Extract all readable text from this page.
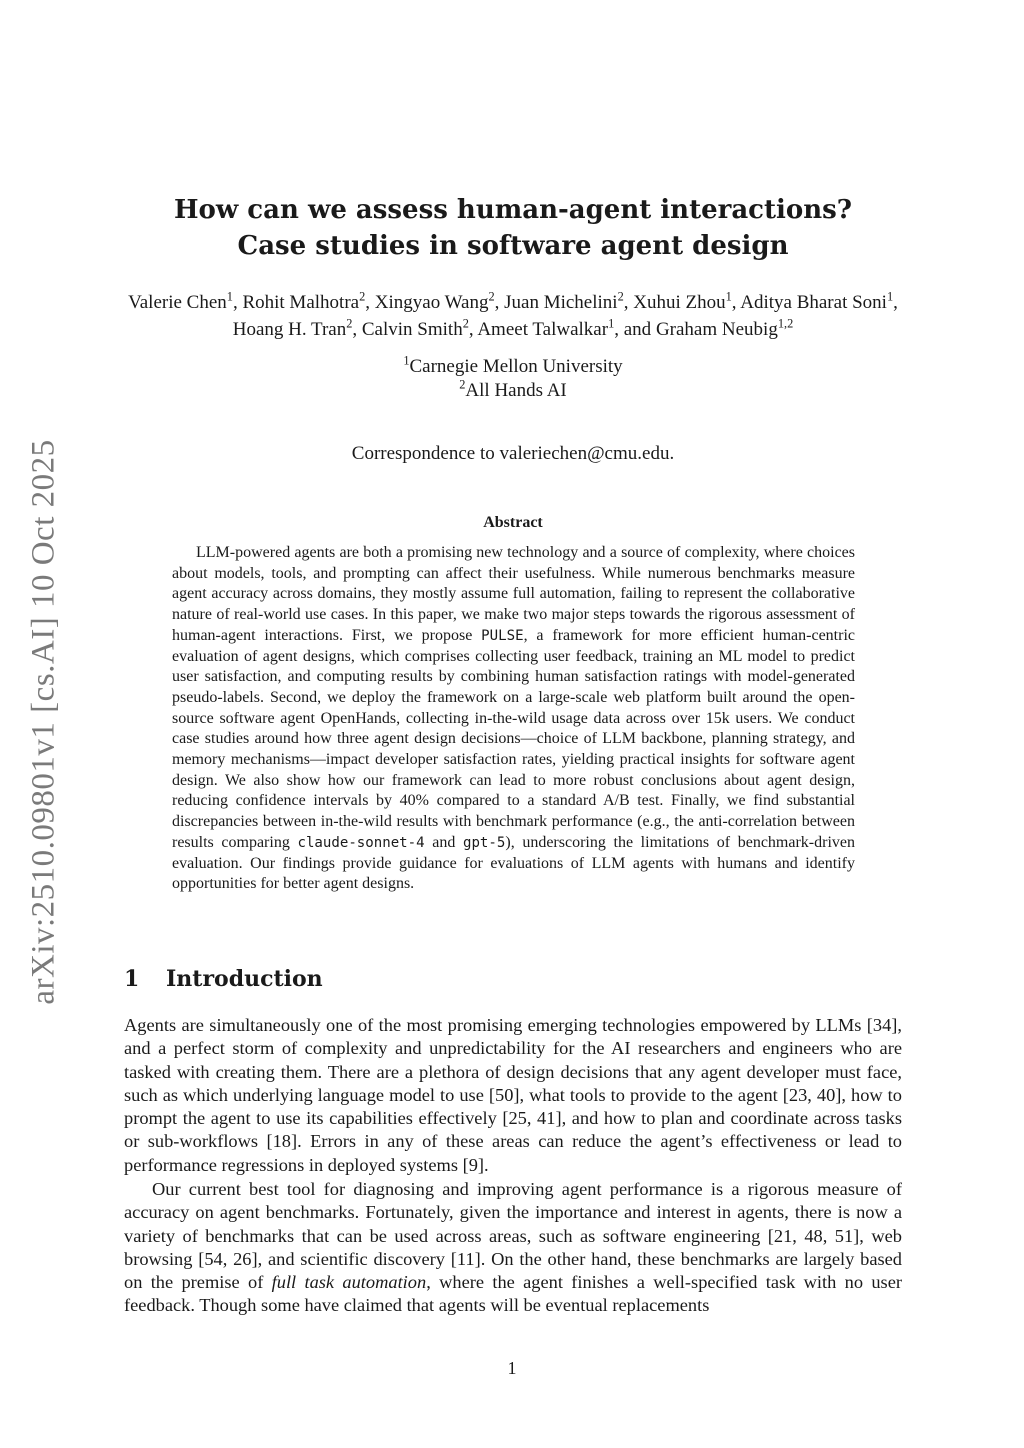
arXiv:2510.09801v1 [cs.AI] 10 Oct 2025
How can we assess human-agent interactions?
Case studies in software agent design
Valerie Chen$^1$, Rohit Malhotra$^2$, Xingyao Wang$^2$, Juan Michelini$^2$, Xuhui Zhou$^1$, Aditya Bharat Soni$^1$, Hoang H. Tran$^2$, Calvin Smith$^2$, Ameet Talwalkar$^1$, and Graham Neubig$^{1,2}$
$^1$Carnegie Mellon University
$^2$All Hands AI
Correspondence to valeriechen@cmu.edu.
Abstract

LLM-powered agents are both a promising new technology and a source of complexity, where choices about models, tools, and prompting can affect their usefulness. While numerous benchmarks measure agent accuracy across domains, they mostly assume full automation, failing to represent the collaborative nature of real-world use cases. In this paper, we make two major steps towards the rigorous assessment of human-agent interactions. First, we propose PULSE, a framework for more efficient human-centric evaluation of agent designs, which comprises collecting user feedback, training an ML model to predict user satisfaction, and computing results by combining human satisfaction ratings with model-generated pseudo-labels. Second, we deploy the framework on a large-scale web platform built around the open-source software agent OpenHands, collecting in-the-wild usage data across over 15k users. We conduct case studies around how three agent design decisions—choice of LLM backbone, planning strategy, and memory mechanisms—impact developer satisfaction rates, yielding practical insights for software agent design. We also show how our framework can lead to more robust conclusions about agent design, reducing confidence intervals by 40% compared to a standard A/B test. Finally, we find substantial discrepancies between in-the-wild results with benchmark performance (e.g., the anti-correlation between results comparing claude-sonnet-4 and gpt-5), underscoring the limitations of benchmark-driven evaluation. Our findings provide guidance for evaluations of LLM agents with humans and identify opportunities for better agent designs.

1 Introduction

Agents are simultaneously one of the most promising emerging technologies empowered by LLMs [34], and a perfect storm of complexity and unpredictability for the AI researchers and engineers who are tasked with creating them. There are a plethora of design decisions that any agent developer must face, such as which underlying language model to use [50], what tools to provide to the agent [23, 40], how to prompt the agent to use its capabilities effectively [25, 41], and how to plan and coordinate across tasks or sub-workflows [18]. Errors in any of these areas can reduce the agent’s effectiveness or lead to performance regressions in deployed systems [9].

Our current best tool for diagnosing and improving agent performance is a rigorous measure of accuracy on agent benchmarks. Fortunately, given the importance and interest in agents, there is now a variety of benchmarks that can be used across areas, such as software engineering [21, 48, 51], web browsing [54, 26], and scientific discovery [11]. On the other hand, these benchmarks are largely based on the premise of full task automation, where the agent finishes a well-specified task with no user feedback. Though some have claimed that agents will be eventual replacements

1
